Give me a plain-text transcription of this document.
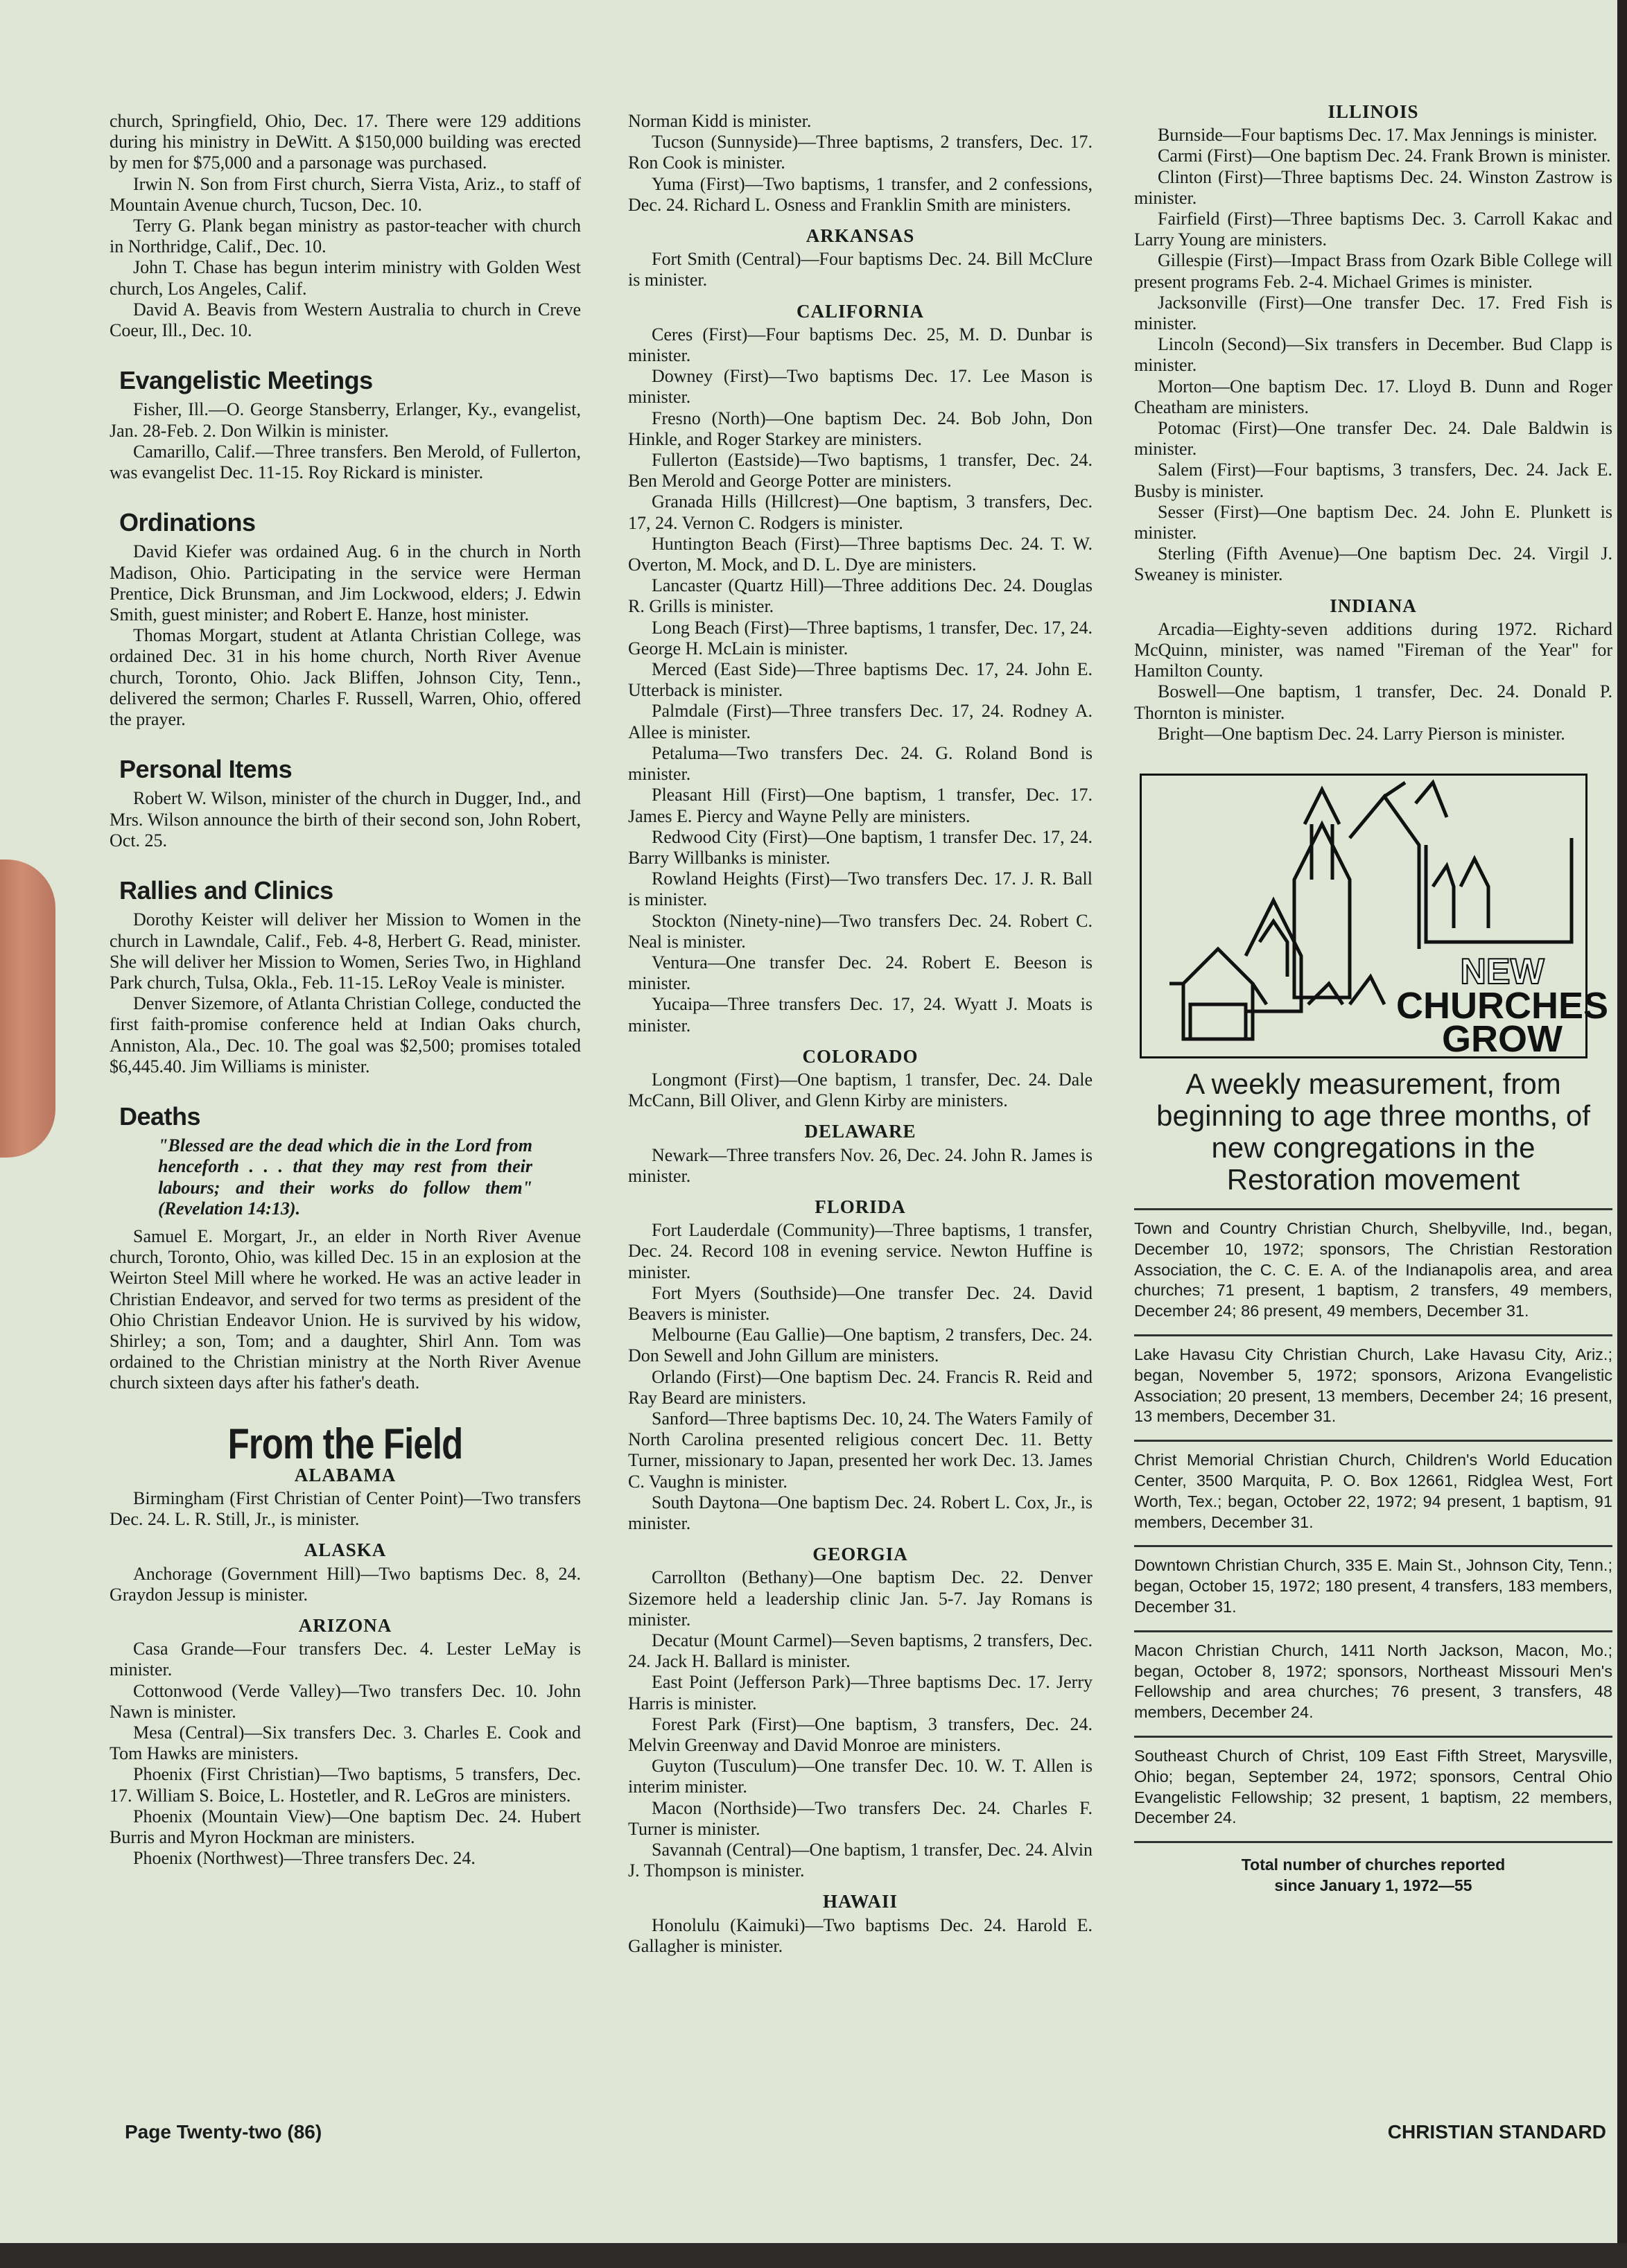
church, Springfield, Ohio, Dec. 17. There were 129 additions during his ministry in DeWitt. A $150,000 building was erected by men for $75,000 and a parsonage was purchased.

Irwin N. Son from First church, Sierra Vista, Ariz., to staff of Mountain Avenue church, Tucson, Dec. 10.

Terry G. Plank began ministry as pastor-teacher with church in Northridge, Calif., Dec. 10.

John T. Chase has begun interim ministry with Golden West church, Los Angeles, Calif.

David A. Beavis from Western Australia to church in Creve Coeur, Ill., Dec. 10.

Evangelistic Meetings

Fisher, Ill.—O. George Stansberry, Erlanger, Ky., evangelist, Jan. 28-Feb. 2. Don Wilkin is minister.

Camarillo, Calif.—Three transfers. Ben Merold, of Fullerton, was evangelist Dec. 11-15. Roy Rickard is minister.

Ordinations

David Kiefer was ordained Aug. 6 in the church in North Madison, Ohio. Participating in the service were Herman Prentice, Dick Brunsman, and Jim Lockwood, elders; J. Edwin Smith, guest minister; and Robert E. Hanze, host minister.

Thomas Morgart, student at Atlanta Christian College, was ordained Dec. 31 in his home church, North River Avenue church, Toronto, Ohio. Jack Bliffen, Johnson City, Tenn., delivered the sermon; Charles F. Russell, Warren, Ohio, offered the prayer.

Personal Items

Robert W. Wilson, minister of the church in Dugger, Ind., and Mrs. Wilson announce the birth of their second son, John Robert, Oct. 25.

Rallies and Clinics

Dorothy Keister will deliver her Mission to Women in the church in Lawndale, Calif., Feb. 4-8, Herbert G. Read, minister. She will deliver her Mission to Women, Series Two, in Highland Park church, Tulsa, Okla., Feb. 11-15. LeRoy Veale is minister.

Denver Sizemore, of Atlanta Christian College, conducted the first faith-promise conference held at Indian Oaks church, Anniston, Ala., Dec. 10. The goal was $2,500; promises totaled $6,445.40. Jim Williams is minister.

Deaths
"Blessed are the dead which die in the Lord from henceforth . . . that they may rest from their labours; and their works do follow them" (Revelation 14:13).

Samuel E. Morgart, Jr., an elder in North River Avenue church, Toronto, Ohio, was killed Dec. 15 in an explosion at the Weirton Steel Mill where he worked. He was an active leader in Christian Endeavor, and served for two terms as president of the Ohio Christian Endeavor Union. He is survived by his widow, Shirley; a son, Tom; and a daughter, Shirl Ann. Tom was ordained to the Christian ministry at the North River Avenue church sixteen days after his father's death.

From the Field
ALABAMA

Birmingham (First Christian of Center Point)—Two transfers Dec. 24. L. R. Still, Jr., is minister.

ALASKA

Anchorage (Government Hill)—Two baptisms Dec. 8, 24. Graydon Jessup is minister.

ARIZONA

Casa Grande—Four transfers Dec. 4. Lester LeMay is minister.

Cottonwood (Verde Valley)—Two transfers Dec. 10. John Nawn is minister.

Mesa (Central)—Six transfers Dec. 3. Charles E. Cook and Tom Hawks are ministers.

Phoenix (First Christian)—Two baptisms, 5 transfers, Dec. 17. William S. Boice, L. Hostetler, and R. LeGros are ministers.

Phoenix (Mountain View)—One baptism Dec. 24. Hubert Burris and Myron Hockman are ministers.

Phoenix (Northwest)—Three transfers Dec. 24.

Norman Kidd is minister.

Tucson (Sunnyside)—Three baptisms, 2 transfers, Dec. 17. Ron Cook is minister.

Yuma (First)—Two baptisms, 1 transfer, and 2 confessions, Dec. 24. Richard L. Osness and Franklin Smith are ministers.

ARKANSAS

Fort Smith (Central)—Four baptisms Dec. 24. Bill McClure is minister.

CALIFORNIA

Ceres (First)—Four baptisms Dec. 25, M. D. Dunbar is minister.

Downey (First)—Two baptisms Dec. 17. Lee Mason is minister.

Fresno (North)—One baptism Dec. 24. Bob John, Don Hinkle, and Roger Starkey are ministers.

Fullerton (Eastside)—Two baptisms, 1 transfer, Dec. 24. Ben Merold and George Potter are ministers.

Granada Hills (Hillcrest)—One baptism, 3 transfers, Dec. 17, 24. Vernon C. Rodgers is minister.

Huntington Beach (First)—Three baptisms Dec. 24. T. W. Overton, M. Mock, and D. L. Dye are ministers.

Lancaster (Quartz Hill)—Three additions Dec. 24. Douglas R. Grills is minister.

Long Beach (First)—Three baptisms, 1 transfer, Dec. 17, 24. George H. McLain is minister.

Merced (East Side)—Three baptisms Dec. 17, 24. John E. Utterback is minister.

Palmdale (First)—Three transfers Dec. 17, 24. Rodney A. Allee is minister.

Petaluma—Two transfers Dec. 24. G. Roland Bond is minister.

Pleasant Hill (First)—One baptism, 1 transfer, Dec. 17. James E. Piercy and Wayne Pelly are ministers.

Redwood City (First)—One baptism, 1 transfer Dec. 17, 24. Barry Willbanks is minister.

Rowland Heights (First)—Two transfers Dec. 17. J. R. Ball is minister.

Stockton (Ninety-nine)—Two transfers Dec. 24. Robert C. Neal is minister.

Ventura—One transfer Dec. 24. Robert E. Beeson is minister.

Yucaipa—Three transfers Dec. 17, 24. Wyatt J. Moats is minister.

COLORADO

Longmont (First)—One baptism, 1 transfer, Dec. 24. Dale McCann, Bill Oliver, and Glenn Kirby are ministers.

DELAWARE

Newark—Three transfers Nov. 26, Dec. 24. John R. James is minister.

FLORIDA

Fort Lauderdale (Community)—Three baptisms, 1 transfer, Dec. 24. Record 108 in evening service. Newton Huffine is minister.

Fort Myers (Southside)—One transfer Dec. 24. David Beavers is minister.

Melbourne (Eau Gallie)—One baptism, 2 transfers, Dec. 24. Don Sewell and John Gillum are ministers.

Orlando (First)—One baptism Dec. 24. Francis R. Reid and Ray Beard are ministers.

Sanford—Three baptisms Dec. 10, 24. The Waters Family of North Carolina presented religious concert Dec. 11. Betty Turner, missionary to Japan, presented her work Dec. 13. James C. Vaughn is minister.

South Daytona—One baptism Dec. 24. Robert L. Cox, Jr., is minister.

GEORGIA

Carrollton (Bethany)—One baptism Dec. 22. Denver Sizemore held a leadership clinic Jan. 5-7. Jay Romans is minister.

Decatur (Mount Carmel)—Seven baptisms, 2 transfers, Dec. 24. Jack H. Ballard is minister.

East Point (Jefferson Park)—Three baptisms Dec. 17. Jerry Harris is minister.

Forest Park (First)—One baptism, 3 transfers, Dec. 24. Melvin Greenway and David Monroe are ministers.

Guyton (Tusculum)—One transfer Dec. 10. W. T. Allen is interim minister.

Macon (Northside)—Two transfers Dec. 24. Charles F. Turner is minister.

Savannah (Central)—One baptism, 1 transfer, Dec. 24. Alvin J. Thompson is minister.

HAWAII

Honolulu (Kaimuki)—Two baptisms Dec. 24. Harold E. Gallagher is minister.

ILLINOIS

Burnside—Four baptisms Dec. 17. Max Jennings is minister.

Carmi (First)—One baptism Dec. 24. Frank Brown is minister.

Clinton (First)—Three baptisms Dec. 24. Winston Zastrow is minister.

Fairfield (First)—Three baptisms Dec. 3. Carroll Kakac and Larry Young are ministers.

Gillespie (First)—Impact Brass from Ozark Bible College will present programs Feb. 2-4. Michael Grimes is minister.

Jacksonville (First)—One transfer Dec. 17. Fred Fish is minister.

Lincoln (Second)—Six transfers in December. Bud Clapp is minister.

Morton—One baptism Dec. 17. Lloyd B. Dunn and Roger Cheatham are ministers.

Potomac (First)—One transfer Dec. 24. Dale Baldwin is minister.

Salem (First)—Four baptisms, 3 transfers, Dec. 24. Jack E. Busby is minister.

Sesser (First)—One baptism Dec. 24. John E. Plunkett is minister.

Sterling (Fifth Avenue)—One baptism Dec. 24. Virgil J. Sweaney is minister.

INDIANA

Arcadia—Eighty-seven additions during 1972. Richard McQuinn, minister, was named "Fireman of the Year" for Hamilton County.

Boswell—One baptism, 1 transfer, Dec. 24. Donald P. Thornton is minister.

Bright—One baptism Dec. 24. Larry Pierson is minister.

NEW
CHURCHES
GROW
A weekly measurement, from beginning to age three months, of new congregations in the Restoration movement
Town and Country Christian Church, Shelbyville, Ind., began, December 10, 1972; sponsors, The Christian Restoration Association, the C. C. E. A. of the Indianapolis area, and area churches; 71 present, 1 baptism, 2 transfers, 49 members, December 24; 86 present, 49 members, December 31.
Lake Havasu City Christian Church, Lake Havasu City, Ariz.; began, November 5, 1972; sponsors, Arizona Evangelistic Association; 20 present, 13 members, December 24; 16 present, 13 members, December 31.
Christ Memorial Christian Church, Children's World Education Center, 3500 Marquita, P. O. Box 12661, Ridglea West, Fort Worth, Tex.; began, October 22, 1972; 94 present, 1 baptism, 91 members, December 31.
Downtown Christian Church, 335 E. Main St., Johnson City, Tenn.; began, October 15, 1972; 180 present, 4 transfers, 183 members, December 31.
Macon Christian Church, 1411 North Jackson, Macon, Mo.; began, October 8, 1972; sponsors, Northeast Missouri Men's Fellowship and area churches; 76 present, 3 transfers, 48 members, December 24.
Southeast Church of Christ, 109 East Fifth Street, Marysville, Ohio; began, September 24, 1972; sponsors, Central Ohio Evangelistic Fellowship; 32 present, 1 baptism, 22 members, December 24.
Total number of churches reported
since January 1, 1972—55
Page Twenty-two (86)	CHRISTIAN STANDARD
